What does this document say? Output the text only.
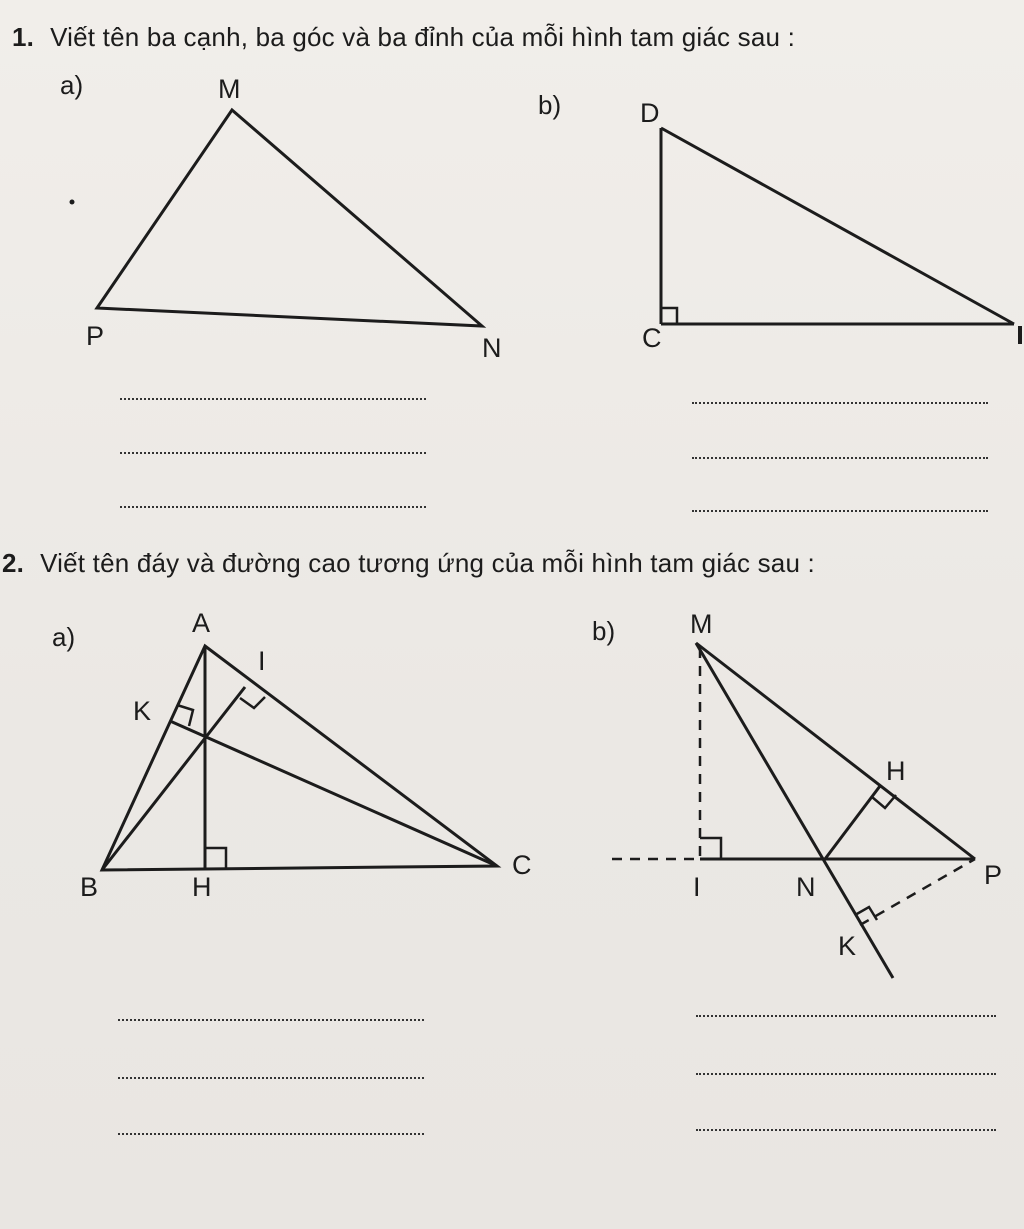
1. Viết tên ba cạnh, ba góc và ba đỉnh của mỗi hình tam giác sau :
a)
b)
M
P	N
D
C
2. Viết tên đáy và đường cao tương ứng của mỗi hình tam giác sau :
a)	b)
A
I
K
B	H
C
M
H
P
I	N
K
